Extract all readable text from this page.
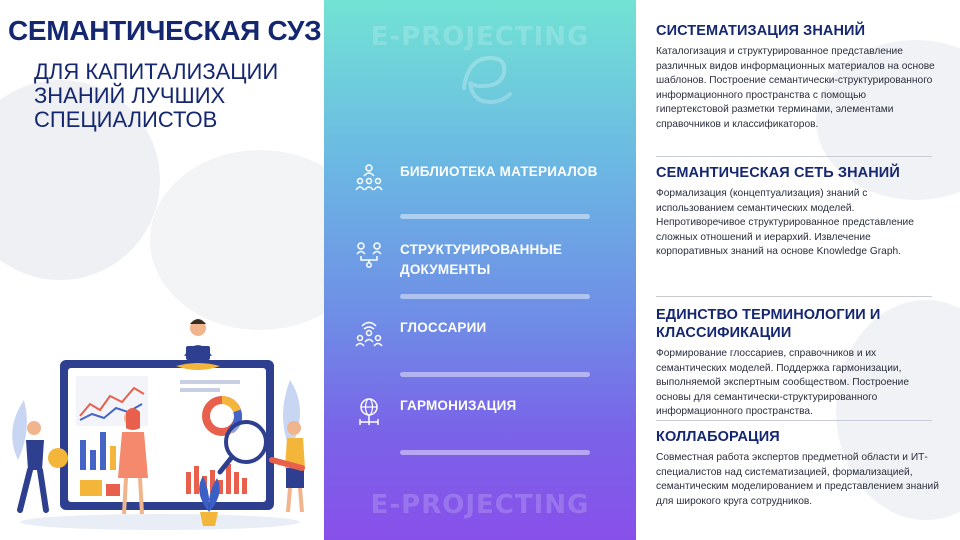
СЕМАНТИЧЕСКАЯ СУЗ
ДЛЯ КАПИТАЛИЗАЦИИ ЗНАНИЙ ЛУЧШИХ СПЕЦИАЛИСТОВ
E-PROJECTING
БИБЛИОТЕКА МАТЕРИАЛОВ
СТРУКТУРИРОВАННЫЕ ДОКУМЕНТЫ
ГЛОССАРИИ
ГАРМОНИЗАЦИЯ
E-PROJECTING
СИСТЕМАТИЗАЦИЯ ЗНАНИЙ

Каталогизация и структурированное представление различных видов информационных материалов на основе шаблонов. Построение семантически-структурированного информационного пространства с помощью гипертекстовой разметки терминами, элементами справочников и классификаторов.

СЕМАНТИЧЕСКАЯ СЕТЬ ЗНАНИЙ

Формализация (концептуализация) знаний с использованием семантических моделей. Непротиворечивое структурированное представление сложных отношений и иерархий. Извлечение корпоративных знаний на основе Knowledge Graph.

ЕДИНСТВО ТЕРМИНОЛОГИИ И КЛАССИФИКАЦИИ

Формирование глоссариев, справочников и их семантических моделей. Поддержка гармонизации, выполняемой экспертным сообществом. Построение основы для семантически-структурированного информационного пространства.

КОЛЛАБОРАЦИЯ

Совместная работа экспертов предметной области и ИТ-специалистов над систематизацией, формализацией, семантическим моделированием и представлением знаний для широкого круга сотрудников.
